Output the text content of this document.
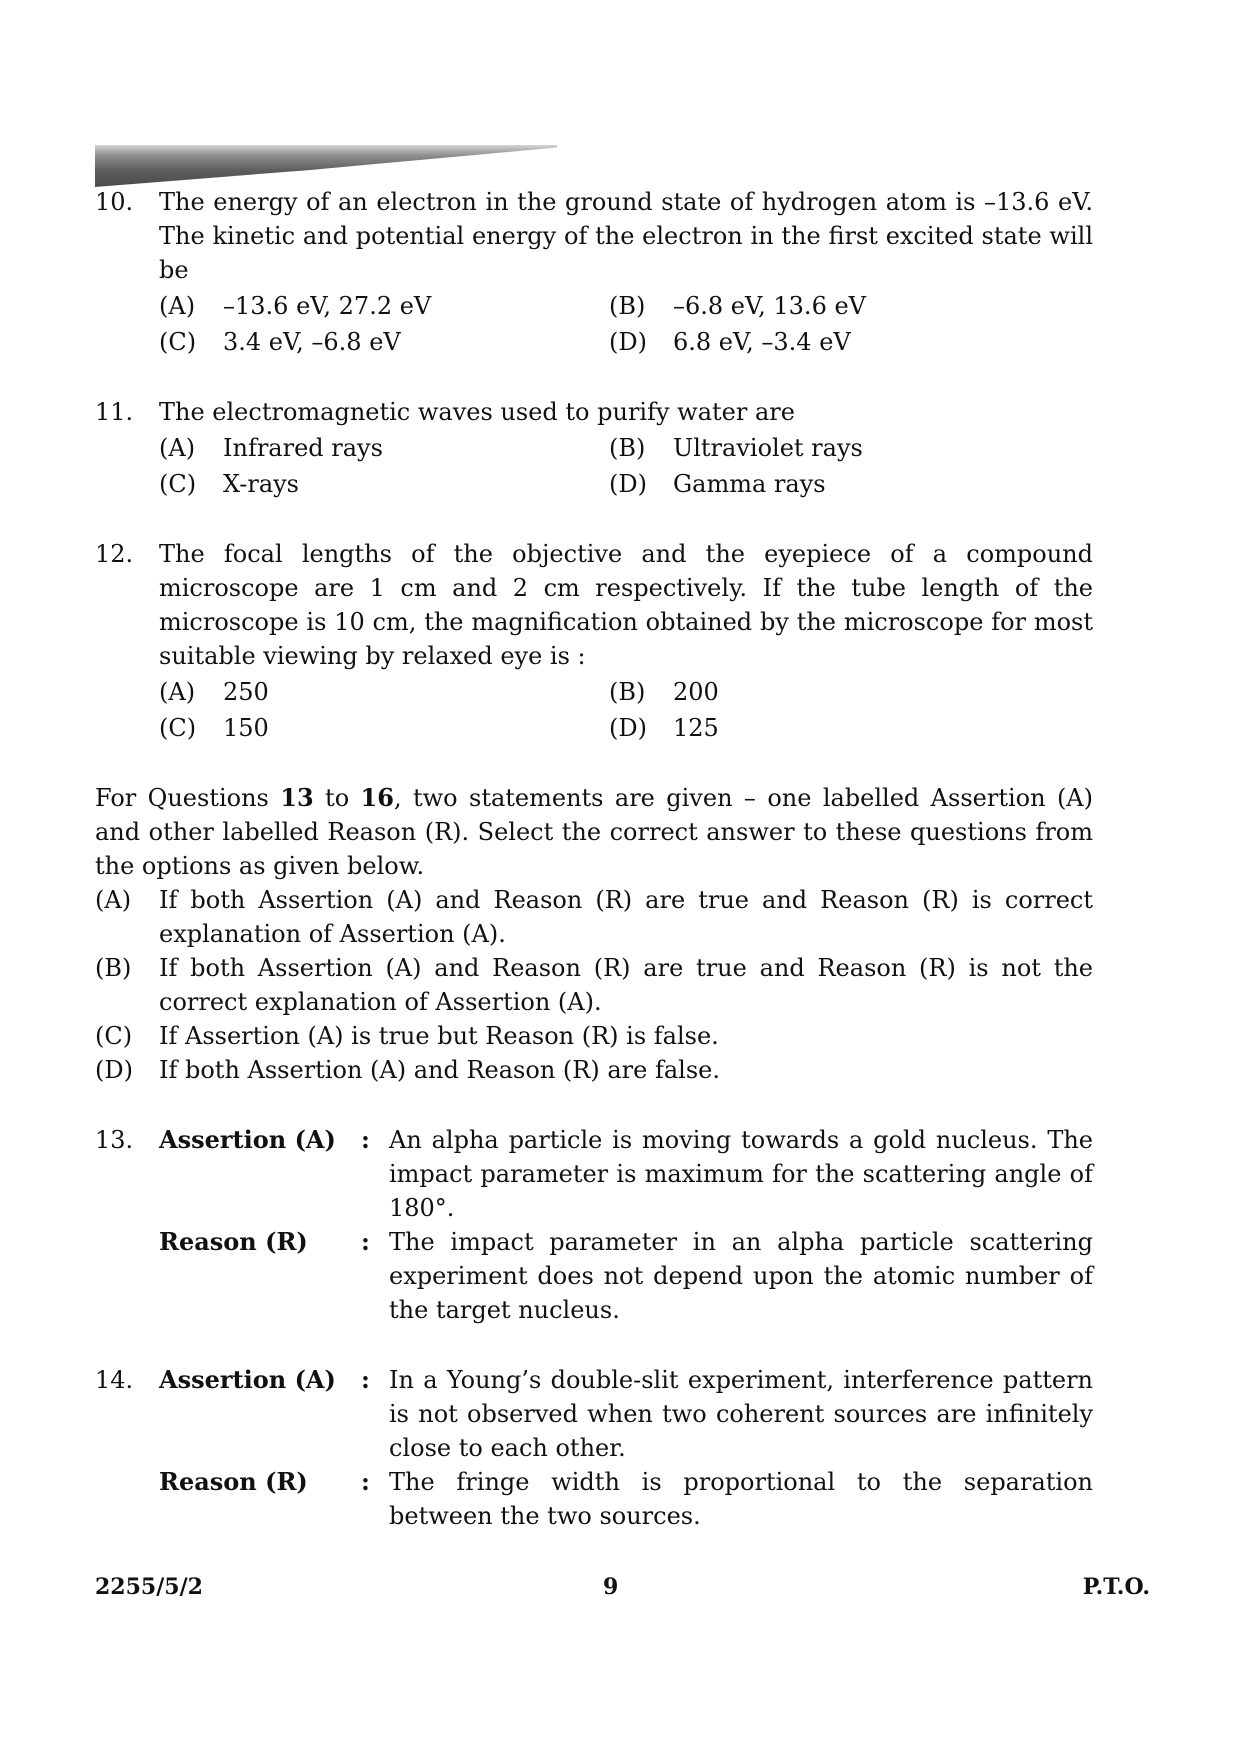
10.	The energy of an electron in the ground state of hydrogen atom is –13.6 eV. The kinetic and potential energy of the electron in the first excited state will be
(A)	–13.6 eV, 27.2 eV	(B)	–6.8 eV, 13.6 eV
(C)	3.4 eV, –6.8 eV	(D)	6.8 eV, –3.4 eV
11.	The electromagnetic waves used to purify water are
(A)	Infrared rays	(B)	Ultraviolet rays
(C)	X-rays	(D)	Gamma rays
12.	The focal lengths of the objective and the eyepiece of a compound microscope are 1 cm and 2 cm respectively. If the tube length of the microscope is 10 cm, the magnification obtained by the microscope for most suitable viewing by relaxed eye is :
(A)	250	(B)	200
(C)	150	(D)	125
For Questions 13 to 16, two statements are given – one labelled Assertion (A) and other labelled Reason (R). Select the correct answer to these questions from the options as given below.
(A)	If both Assertion (A) and Reason (R) are true and Reason (R) is correct explanation of Assertion (A).
(B)	If both Assertion (A) and Reason (R) are true and Reason (R) is not the correct explanation of Assertion (A).
(C)	If Assertion (A) is true but Reason (R) is false.
(D)	If both Assertion (A) and Reason (R) are false.
13.	Assertion (A)	: An alpha particle is moving towards a gold nucleus. The impact parameter is maximum for the scattering angle of 180°.
Reason (R)	: The impact parameter in an alpha particle scattering experiment does not depend upon the atomic number of the target nucleus.
14.	Assertion (A)	: In a Young’s double-slit experiment, interference pattern is not observed when two coherent sources are infinitely close to each other.
Reason (R)	: The fringe width is proportional to the separation between the two sources.
2255/5/2	9	P.T.O.
